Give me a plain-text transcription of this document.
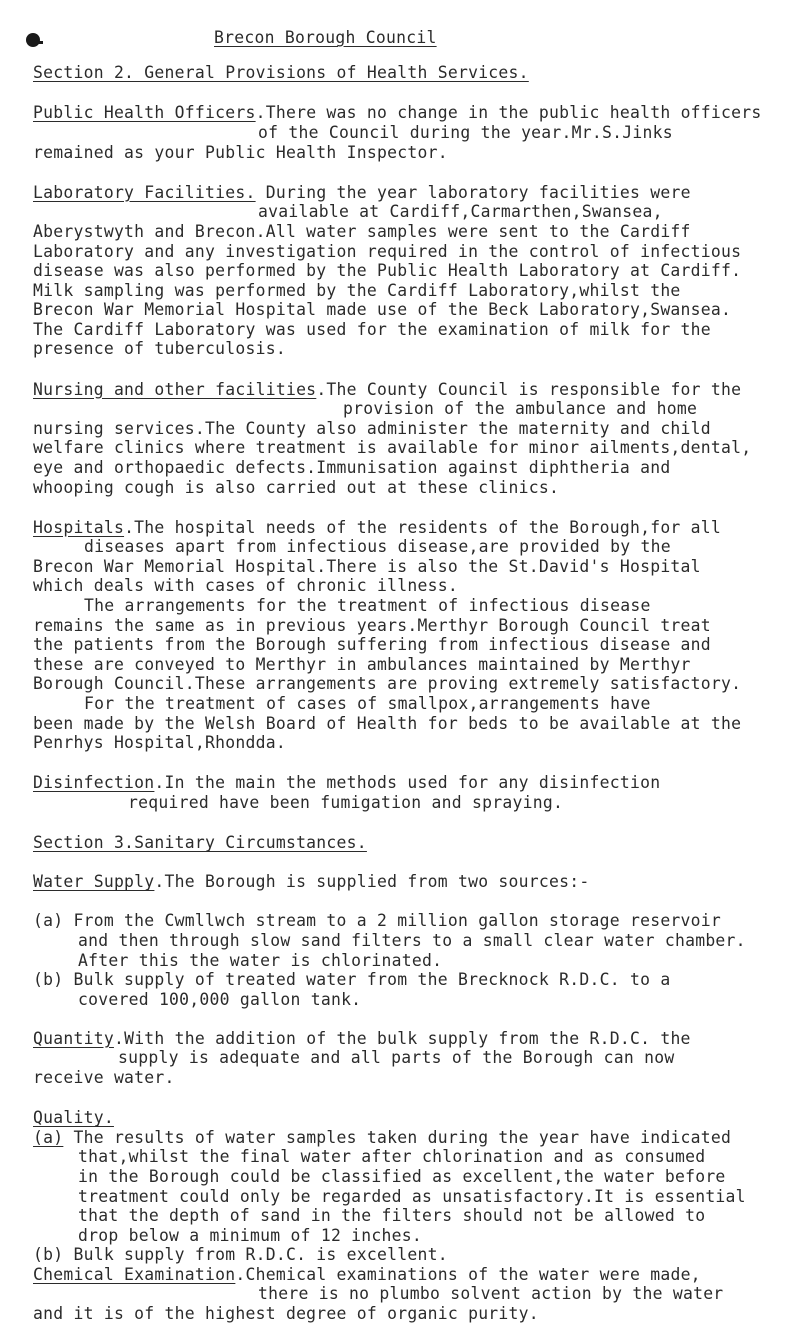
Brecon Borough Council
Section 2. General Provisions of Health Services.
Public Health Officers.There was no change in the public health officers
of the Council during the year.Mr.S.Jinks
remained as your Public Health Inspector.
Laboratory Facilities. During the year laboratory facilities were
available at Cardiff,Carmarthen,Swansea,
Aberystwyth and Brecon.All water samples were sent to the Cardiff
Laboratory and any investigation required in the control of infectious
disease was also performed by the Public Health Laboratory at Cardiff.
Milk sampling was performed by the Cardiff Laboratory,whilst the
Brecon War Memorial Hospital made use of the Beck Laboratory,Swansea.
The Cardiff Laboratory was used for the examination of milk for the
presence of tuberculosis.
Nursing and other facilities.The County Council is responsible for the
provision of the ambulance and home
nursing services.The County also administer the maternity and child
welfare clinics where treatment is available for minor ailments,dental,
eye and orthopaedic defects.Immunisation against diphtheria and
whooping cough is also carried out at these clinics.
Hospitals.The hospital needs of the residents of the Borough,for all
diseases apart from infectious disease,are provided by the
Brecon War Memorial Hospital.There is also the St.David's Hospital
which deals with cases of chronic illness.
The arrangements for the treatment of infectious disease
remains the same as in previous years.Merthyr Borough Council treat
the patients from the Borough suffering from infectious disease and
these are conveyed to Merthyr in ambulances maintained by Merthyr
Borough Council.These arrangements are proving extremely satisfactory.
For the treatment of cases of smallpox,arrangements have
been made by the Welsh Board of Health for beds to be available at the
Penrhys Hospital,Rhondda.
Disinfection.In the main the methods used for any disinfection
required have been fumigation and spraying.
Section 3.Sanitary Circumstances.
Water Supply.The Borough is supplied from two sources:-
(a) From the Cwmllwch stream to a 2 million gallon storage reservoir
and then through slow sand filters to a small clear water chamber.
After this the water is chlorinated.
(b) Bulk supply of treated water from the Brecknock R.D.C. to a
covered 100,000 gallon tank.
Quantity.With the addition of the bulk supply from the R.D.C. the
supply is adequate and all parts of the Borough can now
receive water.
Quality.
(a) The results of water samples taken during the year have indicated
that,whilst the final water after chlorination and as consumed
in the Borough could be classified as excellent,the water before
treatment could only be regarded as unsatisfactory.It is essential
that the depth of sand in the filters should not be allowed to
drop below a minimum of 12 inches.
(b) Bulk supply from R.D.C. is excellent.
Chemical Examination.Chemical examinations of the water were made,
there is no plumbo solvent action by the water
and it is of the highest degree of organic purity.
